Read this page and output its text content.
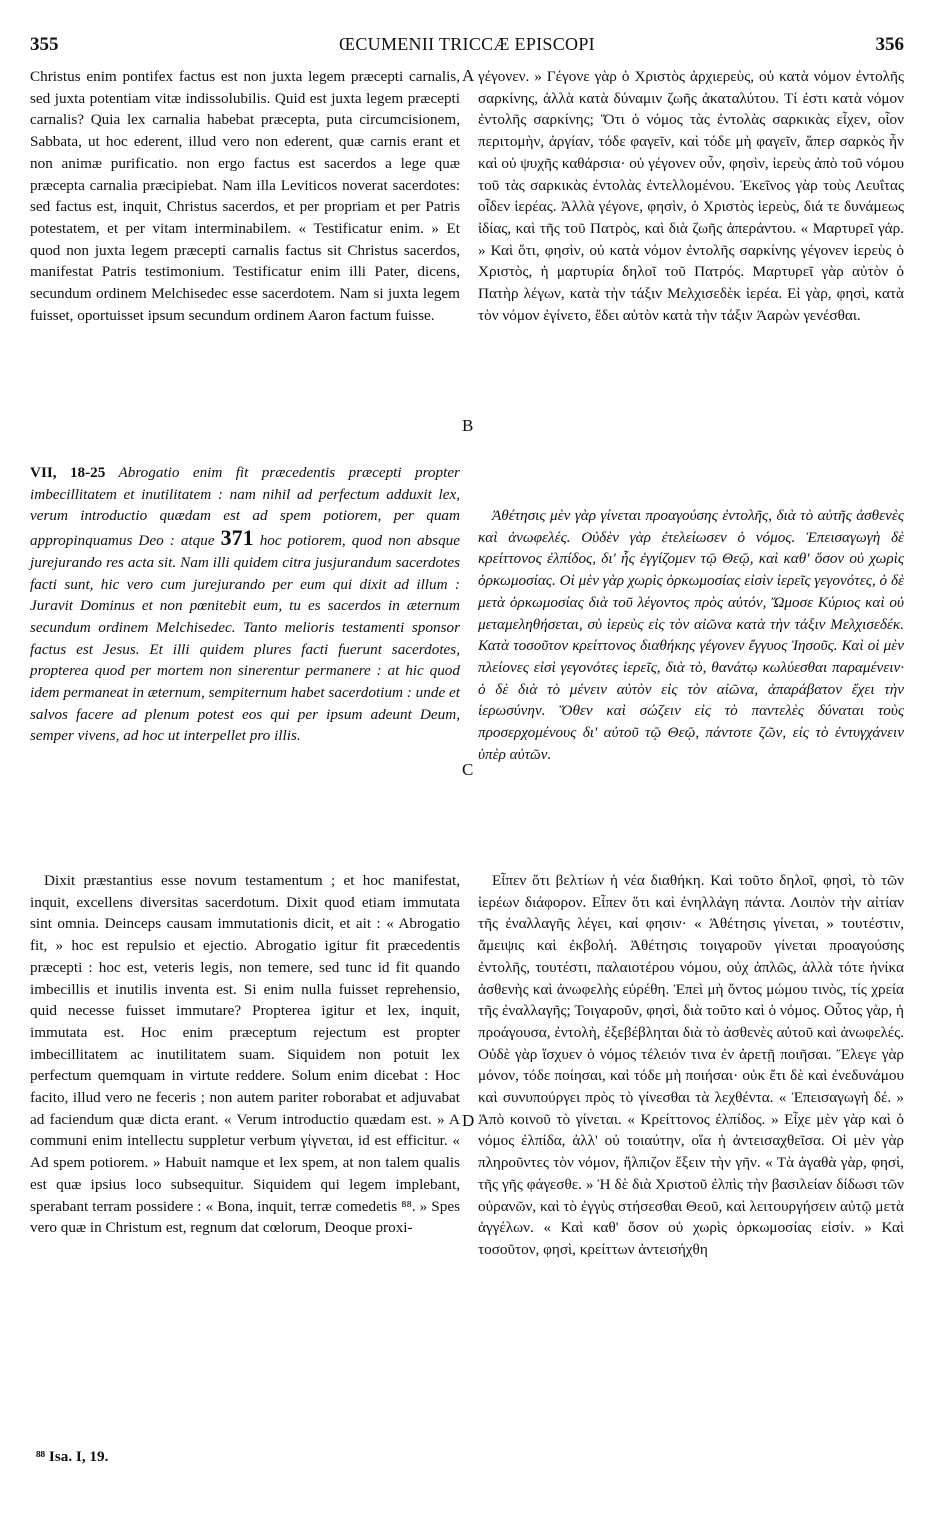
355	ŒCUMENII TRICCÆ EPISCOPI	356

Christus enim pontifex factus est non juxta legem præcepti carnalis, sed juxta potentiam vitæ indissolubilis. Quid est juxta legem præcepti carnalis? Quia lex carnalia habebat præcepta, puta circumcisionem, Sabbata, ut hoc ederent, illud vero non ederent, quæ carnis erant et non animæ purificatio. non ergo factus est sacerdos a lege quæ præcepta carnalia præcipiebat. Nam illa Leviticos noverat sacerdotes: sed factus est, inquit, Christus sacerdos, et per propriam et per Patris potestatem, et per vitam interminabilem. « Testificatur enim. » Et quod non juxta legem præcepti carnalis factus sit Christus sacerdos, manifestat Patris testimonium. Testificatur enim illi Pater, dicens, secundum ordinem Melchisedec esse sacerdotem. Nam si juxta legem fuisset, oportuisset ipsum secundum ordinem Aaron factum fuisse.

VII, 18-25 Abrogatio enim fit præcedentis præcepti propter imbecillitatem et inutilitatem : nam nihil ad perfectum adduxit lex, verum introductio quædam est ad spem potiorem, per quam appropinquamus Deo : atque 371 hoc potiorem, quod non absque jurejurando res acta sit. Nam illi quidem citra jusjurandum sacerdotes facti sunt, hic vero cum jurejurando per eum qui dixit ad illum : Juravit Dominus et non pœnitebit eum, tu es sacerdos in æternum secundum ordinem Melchisedec. Tanto melioris testamenti sponsor factus est Jesus. Et illi quidem plures facti fuerunt sacerdotes, propterea quod per mortem non sinerentur permanere : at hic quod idem permaneat in æternum, sempiternum habet sacerdotium : unde et salvos facere ad plenum potest eos qui per ipsum adeunt Deum, semper vivens, ad hoc ut interpellet pro illis.

Dixit præstantius esse novum testamentum ; et hoc manifestat, inquit, excellens diversitas sacerdotum. Dixit quod etiam immutata sint omnia. Deinceps causam immutationis dicit, et ait : « Abrogatio fit, » hoc est repulsio et ejectio. Abrogatio igitur fit præcedentis præcepti : hoc est, veteris legis, non temere, sed tunc id fit quando imbecillis et inutilis inventa est. Si enim nulla fuisset reprehensio, quid necesse fuisset immutare? Propterea igitur et lex, inquit, immutata est. Hoc enim præceptum rejectum est propter imbecillitatem ac inutilitatem suam. Siquidem non potuit lex perfectum quemquam in virtute reddere. Solum enim dicebat : Hoc facito, illud vero ne feceris ; non autem pariter roborabat et adjuvabat ad faciendum quæ dicta erant. « Verum introductio quædam est. » A communi enim intellectu suppletur verbum γίγνεται, id est efficitur. « Ad spem potiorem. » Habuit namque et lex spem, at non talem qualis est quæ ipsius loco subsequitur. Siquidem qui legem implebant, sperabant terram possidere : « Bona, inquit, terræ comedetis ⁸⁸. » Spes vero quæ in Christum est, regnum dat cœlorum, Deoque proxi-

A
B
C
D

γέγονεν. » Γέγονε γὰρ ὁ Χριστὸς ἀρχιερεὺς, οὐ κατὰ νόμον ἐντολῆς σαρκίνης, ἀλλὰ κατὰ δύναμιν ζωῆς ἀκαταλύτου. Τί ἐστι κατὰ νόμον ἐντολῆς σαρκίνης; Ὅτι ὁ νόμος τὰς ἐντολὰς σαρκικὰς εἶχεν, οἷον περιτομὴν, ἀργίαν, τόδε φαγεῖν, καὶ τόδε μὴ φαγεῖν, ἅπερ σαρκὸς ἦν καὶ οὐ ψυχῆς καθάρσια· οὐ γέγονεν οὖν, φησὶν, ἱερεὺς ἀπὸ τοῦ νόμου τοῦ τὰς σαρκικὰς ἐντολὰς ἐντελλομένου. Ἐκεῖνος γὰρ τοὺς Λευΐτας οἶδεν ἱερέας. Ἀλλὰ γέγονε, φησὶν, ὁ Χριστὸς ἱερεὺς, διά τε δυνάμεως ἰδίας, καὶ τῆς τοῦ Πατρὸς, καὶ διὰ ζωῆς ἀπεράντου. « Μαρτυρεῖ γάρ. » Καὶ ὅτι, φησὶν, οὐ κατὰ νόμον ἐντολῆς σαρκίνης γέγονεν ἱερεὺς ὁ Χριστὸς, ἡ μαρτυρία δηλοῖ τοῦ Πατρός. Μαρτυρεῖ γὰρ αὐτὸν ὁ Πατὴρ λέγων, κατὰ τὴν τάξιν Μελχισεδὲκ ἱερέα. Εἰ γὰρ, φησὶ, κατὰ τὸν νόμον ἐγίνετο, ἔδει αὐτὸν κατὰ τὴν τάξιν Ἀαρὼν γενέσθαι.

Ἀθέτησις μὲν γὰρ γίνεται προαγούσης ἐντολῆς, διὰ τὸ αὐτῆς ἀσθενὲς καὶ ἀνωφελές. Οὐδὲν γὰρ ἐτελείωσεν ὁ νόμος. Ἐπεισαγωγὴ δὲ κρείττονος ἐλπίδος, δι' ἧς ἐγγίζομεν τῷ Θεῷ, καὶ καθ' ὅσον οὐ χωρὶς ὁρκωμοσίας. Οἱ μὲν γὰρ χωρὶς ὁρκωμοσίας εἰσὶν ἱερεῖς γεγονότες, ὁ δὲ μετὰ ὁρκωμοσίας διὰ τοῦ λέγοντος πρὸς αὐτόν, Ὤμοσε Κύριος καὶ οὐ μεταμεληθήσεται, σὺ ἱερεὺς εἰς τὸν αἰῶνα κατὰ τὴν τάξιν Μελχισεδέκ. Κατὰ τοσοῦτον κρείττονος διαθήκης γέγονεν ἔγγυος Ἰησοῦς. Καὶ οἱ μὲν πλείονες εἰσὶ γεγονότες ἱερεῖς, διὰ τὸ, θανάτῳ κωλύεσθαι παραμένειν· ὁ δὲ διὰ τὸ μένειν αὐτὸν εἰς τὸν αἰῶνα, ἀπαράβατον ἔχει τὴν ἱερωσύνην. Ὅθεν καὶ σώζειν εἰς τὸ παντελὲς δύναται τοὺς προσερχομένους δι' αὐτοῦ τῷ Θεῷ, πάντοτε ζῶν, εἰς τὸ ἐντυγχάνειν ὑπὲρ αὐτῶν.

Εἶπεν ὅτι βελτίων ἡ νέα διαθήκη. Καὶ τοῦτο δηλοῖ, φησὶ, τὸ τῶν ἱερέων διάφορον. Εἶπεν ὅτι καὶ ἐνηλλάγη πάντα. Λοιπὸν τὴν αἰτίαν τῆς ἐναλλαγῆς λέγει, καί φησιν· « Ἀθέτησις γίνεται, » τουτέστιν, ἄμειψις καὶ ἐκβολή. Ἀθέτησις τοιγαροῦν γίνεται προαγούσης ἐντολῆς, τουτέστι, παλαιοτέρου νόμου, οὐχ ἁπλῶς, ἀλλὰ τότε ἡνίκα ἀσθενὴς καὶ ἀνωφελὴς εὑρέθη. Ἐπεὶ μὴ ὄντος μώμου τινὸς, τίς χρεία τῆς ἐναλλαγῆς; Τοιγαροῦν, φησὶ, διὰ τοῦτο καὶ ὁ νόμος. Οὗτος γὰρ, ἡ προάγουσα, ἐντολὴ, ἐξεβέβληται διὰ τὸ ἀσθενὲς αὐτοῦ καὶ ἀνωφελές. Οὐδὲ γὰρ ἴσχυεν ὁ νόμος τέλειόν τινα ἐν ἀρετῇ ποιῆσαι. Ἔλεγε γὰρ μόνον, τόδε ποίησαι, καὶ τόδε μὴ ποιήσαι· οὐκ ἔτι δὲ καὶ ἐνεδυνάμου καὶ συνυπούργει πρὸς τὸ γίνεσθαι τὰ λεχθέντα. « Ἐπεισαγωγὴ δέ. » Ἀπὸ κοινοῦ τὸ γίνεται. « Κρείττονος ἐλπίδος. » Εἶχε μὲν γὰρ καὶ ὁ νόμος ἐλπίδα, ἀλλ' οὐ τοιαύτην, οἵα ἡ ἀντεισαχθεῖσα. Οἱ μὲν γὰρ πληροῦντες τὸν νόμον, ἤλπιζον ἕξειν τὴν γῆν. « Τὰ ἀγαθὰ γὰρ, φησὶ, τῆς γῆς φάγεσθε. » Ἡ δὲ διὰ Χριστοῦ ἐλπὶς τὴν βασιλείαν δίδωσι τῶν οὐρανῶν, καὶ τὸ ἐγγὺς στήσεσθαι Θεοῦ, καὶ λειτουργήσειν αὐτῷ μετὰ ἀγγέλων. « Καὶ καθ' ὅσον οὐ χωρὶς ὁρκωμοσίας εἰσίν. » Καὶ τοσοῦτον, φησὶ, κρείττων ἀντεισήχθη

⁸⁸ Isa. I, 19.
